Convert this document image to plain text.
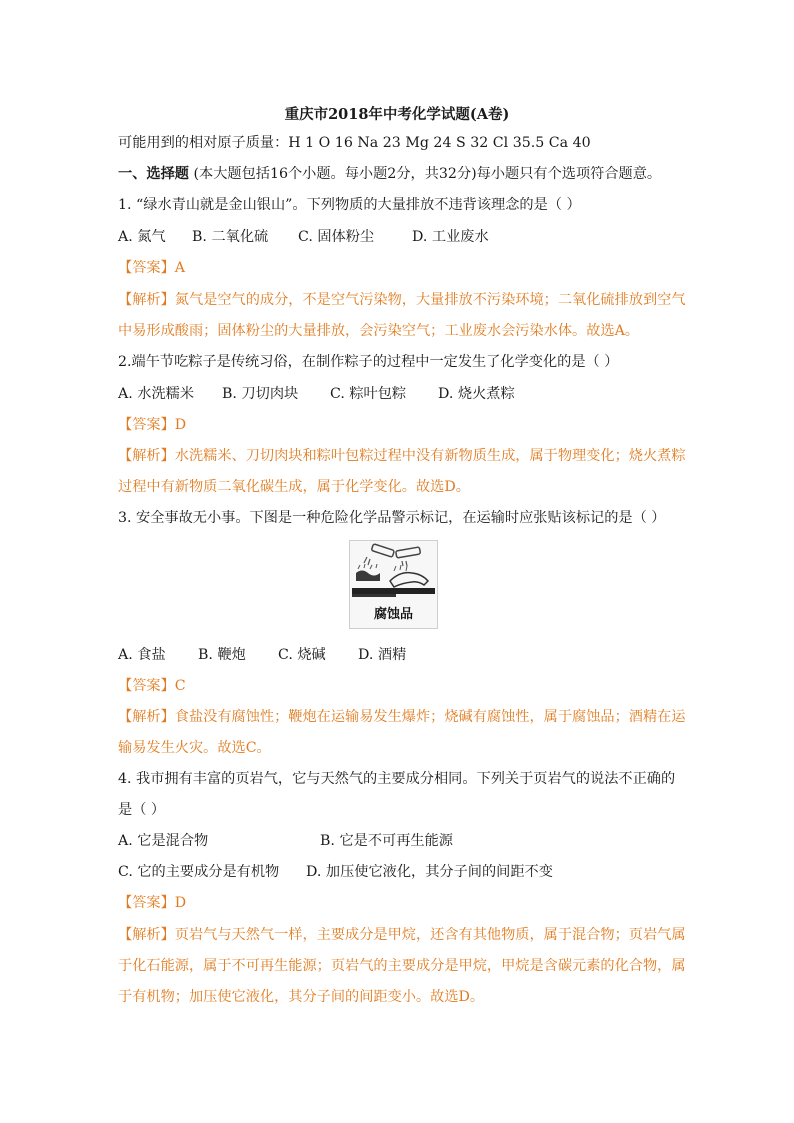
重庆市2018年中考化学试题(A卷)
可能用到的相对原子质量：H 1 O 16 Na 23 Mg 24 S 32 Cl 35.5 Ca 40
一、选择题 (本大题包括16个小题。每小题2分，共32分)每小题只有个选项符合题意。
1. “绿水青山就是金山银山”。下列物质的大量排放不违背该理念的是（ ）
A. 氮气 B. 二氧化硫 C. 固体粉尘	D. 工业废水
【答案】A
【解析】氮气是空气的成分，不是空气污染物，大量排放不污染环境；二氧化硫排放到空气
中易形成酸雨；固体粉尘的大量排放，会污染空气；工业废水会污染水体。故选A。
2.端午节吃粽子是传统习俗，在制作粽子的过程中一定发生了化学变化的是（ ）
A. 水洗糯米 B. 刀切肉块 C. 粽叶包粽 D. 烧火煮粽
【答案】D
【解析】水洗糯米、刀切肉块和粽叶包粽过程中没有新物质生成，属于物理变化；烧火煮粽
过程中有新物质二氧化碳生成，属于化学变化。故选D。
3. 安全事故无小事。下图是一种危险化学品警示标记，在运输时应张贴该标记的是（ ）
腐蚀品
A. 食盐 B. 鞭炮 C. 烧碱 D. 酒精
【答案】C
【解析】食盐没有腐蚀性；鞭炮在运输易发生爆炸；烧碱有腐蚀性，属于腐蚀品；酒精在运
输易发生火灾。故选C。
4. 我市拥有丰富的页岩气，它与天然气的主要成分相同。下列关于页岩气的说法不正确的
是（ ）
A. 它是混合物	B. 它是不可再生能源
C. 它的主要成分是有机物 D. 加压使它液化，其分子间的间距不变
【答案】D
【解析】页岩气与天然气一样，主要成分是甲烷，还含有其他物质，属于混合物；页岩气属
于化石能源，属于不可再生能源；页岩气的主要成分是甲烷，甲烷是含碳元素的化合物，属
于有机物；加压使它液化，其分子间的间距变小。故选D。
